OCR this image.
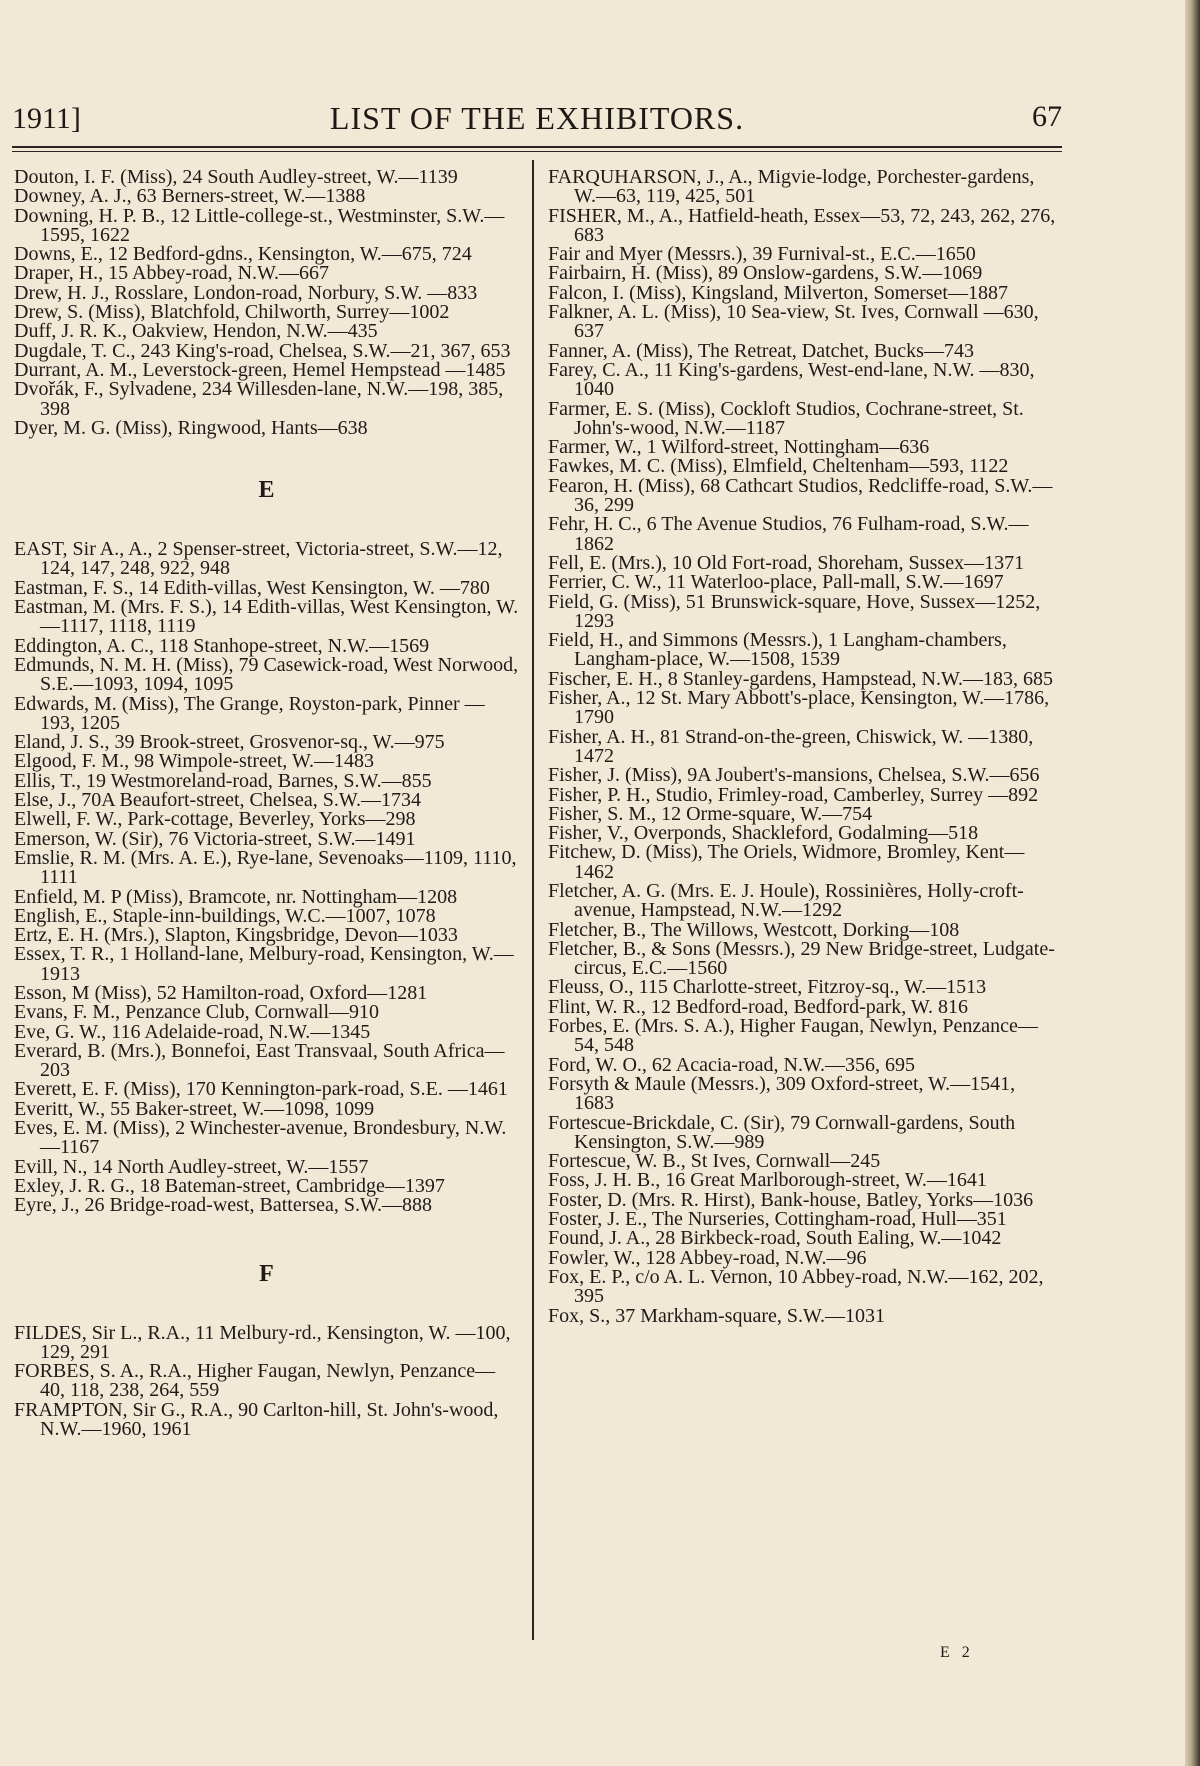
1911]	LIST OF THE EXHIBITORS.	67

Douton, I. F. (Miss), 24 South Audley-street, W.—1139

Downey, A. J., 63 Berners-street, W.—1388

Downing, H. P. B., 12 Little-college-st., Westminster, S.W.—1595, 1622

Downs, E., 12 Bedford-gdns., Kensington, W.—675, 724

Draper, H., 15 Abbey-road, N.W.—667

Drew, H. J., Rosslare, London-road, Norbury, S.W. —833

Drew, S. (Miss), Blatchfold, Chilworth, Surrey—1002

Duff, J. R. K., Oakview, Hendon, N.W.—435

Dugdale, T. C., 243 King's-road, Chelsea, S.W.—21, 367, 653

Durrant, A. M., Leverstock-green, Hemel Hempstead —1485

Dvořák, F., Sylvadene, 234 Willesden-lane, N.W.—198, 385, 398

Dyer, M. G. (Miss), Ringwood, Hants—638

E

EAST, Sir A., A., 2 Spenser-street, Victoria-street, S.W.—12, 124, 147, 248, 922, 948

Eastman, F. S., 14 Edith-villas, West Kensington, W. —780

Eastman, M. (Mrs. F. S.), 14 Edith-villas, West Kensington, W.—1117, 1118, 1119

Eddington, A. C., 118 Stanhope-street, N.W.—1569

Edmunds, N. M. H. (Miss), 79 Casewick-road, West Norwood, S.E.—1093, 1094, 1095

Edwards, M. (Miss), The Grange, Royston-park, Pinner —193, 1205

Eland, J. S., 39 Brook-street, Grosvenor-sq., W.—975

Elgood, F. M., 98 Wimpole-street, W.—1483

Ellis, T., 19 Westmoreland-road, Barnes, S.W.—855

Else, J., 70A Beaufort-street, Chelsea, S.W.—1734

Elwell, F. W., Park-cottage, Beverley, Yorks—298

Emerson, W. (Sir), 76 Victoria-street, S.W.—1491

Emslie, R. M. (Mrs. A. E.), Rye-lane, Sevenoaks—1109, 1110, 1111

Enfield, M. P (Miss), Bramcote, nr. Nottingham—1208

English, E., Staple-inn-buildings, W.C.—1007, 1078

Ertz, E. H. (Mrs.), Slapton, Kingsbridge, Devon—1033

Essex, T. R., 1 Holland-lane, Melbury-road, Kensington, W.—1913

Esson, M (Miss), 52 Hamilton-road, Oxford—1281

Evans, F. M., Penzance Club, Cornwall—910

Eve, G. W., 116 Adelaide-road, N.W.—1345

Everard, B. (Mrs.), Bonnefoi, East Transvaal, South Africa—203

Everett, E. F. (Miss), 170 Kennington-park-road, S.E. —1461

Everitt, W., 55 Baker-street, W.—1098, 1099

Eves, E. M. (Miss), 2 Winchester-avenue, Brondesbury, N.W.—1167

Evill, N., 14 North Audley-street, W.—1557

Exley, J. R. G., 18 Bateman-street, Cambridge—1397

Eyre, J., 26 Bridge-road-west, Battersea, S.W.—888

F

FILDES, Sir L., R.A., 11 Melbury-rd., Kensington, W. —100, 129, 291

FORBES, S. A., R.A., Higher Faugan, Newlyn, Penzance—40, 118, 238, 264, 559

FRAMPTON, Sir G., R.A., 90 Carlton-hill, St. John's-wood, N.W.—1960, 1961

FARQUHARSON, J., A., Migvie-lodge, Porchester-gardens, W.—63, 119, 425, 501

FISHER, M., A., Hatfield-heath, Essex—53, 72, 243, 262, 276, 683

Fair and Myer (Messrs.), 39 Furnival-st., E.C.—1650

Fairbairn, H. (Miss), 89 Onslow-gardens, S.W.—1069

Falcon, I. (Miss), Kingsland, Milverton, Somerset—1887

Falkner, A. L. (Miss), 10 Sea-view, St. Ives, Cornwall —630, 637

Fanner, A. (Miss), The Retreat, Datchet, Bucks—743

Farey, C. A., 11 King's-gardens, West-end-lane, N.W. —830, 1040

Farmer, E. S. (Miss), Cockloft Studios, Cochrane-street, St. John's-wood, N.W.—1187

Farmer, W., 1 Wilford-street, Nottingham—636

Fawkes, M. C. (Miss), Elmfield, Cheltenham—593, 1122

Fearon, H. (Miss), 68 Cathcart Studios, Redcliffe-road, S.W.—36, 299

Fehr, H. C., 6 The Avenue Studios, 76 Fulham-road, S.W.—1862

Fell, E. (Mrs.), 10 Old Fort-road, Shoreham, Sussex—1371

Ferrier, C. W., 11 Waterloo-place, Pall-mall, S.W.—1697

Field, G. (Miss), 51 Brunswick-square, Hove, Sussex—1252, 1293

Field, H., and Simmons (Messrs.), 1 Langham-chambers, Langham-place, W.—1508, 1539

Fischer, E. H., 8 Stanley-gardens, Hampstead, N.W.—183, 685

Fisher, A., 12 St. Mary Abbott's-place, Kensington, W.—1786, 1790

Fisher, A. H., 81 Strand-on-the-green, Chiswick, W. —1380, 1472

Fisher, J. (Miss), 9A Joubert's-mansions, Chelsea, S.W.—656

Fisher, P. H., Studio, Frimley-road, Camberley, Surrey —892

Fisher, S. M., 12 Orme-square, W.—754

Fisher, V., Overponds, Shackleford, Godalming—518

Fitchew, D. (Miss), The Oriels, Widmore, Bromley, Kent—1462

Fletcher, A. G. (Mrs. E. J. Houle), Rossinières, Holly-croft-avenue, Hampstead, N.W.—1292

Fletcher, B., The Willows, Westcott, Dorking—108

Fletcher, B., & Sons (Messrs.), 29 New Bridge-street, Ludgate-circus, E.C.—1560

Fleuss, O., 115 Charlotte-street, Fitzroy-sq., W.—1513

Flint, W. R., 12 Bedford-road, Bedford-park, W. 816

Forbes, E. (Mrs. S. A.), Higher Faugan, Newlyn, Penzance—54, 548

Ford, W. O., 62 Acacia-road, N.W.—356, 695

Forsyth & Maule (Messrs.), 309 Oxford-street, W.—1541, 1683

Fortescue-Brickdale, C. (Sir), 79 Cornwall-gardens, South Kensington, S.W.—989

Fortescue, W. B., St Ives, Cornwall—245

Foss, J. H. B., 16 Great Marlborough-street, W.—1641

Foster, D. (Mrs. R. Hirst), Bank-house, Batley, Yorks—1036

Foster, J. E., The Nurseries, Cottingham-road, Hull—351

Found, J. A., 28 Birkbeck-road, South Ealing, W.—1042

Fowler, W., 128 Abbey-road, N.W.—96

Fox, E. P., c/o A. L. Vernon, 10 Abbey-road, N.W.—162, 202, 395

Fox, S., 37 Markham-square, S.W.—1031

E 2
